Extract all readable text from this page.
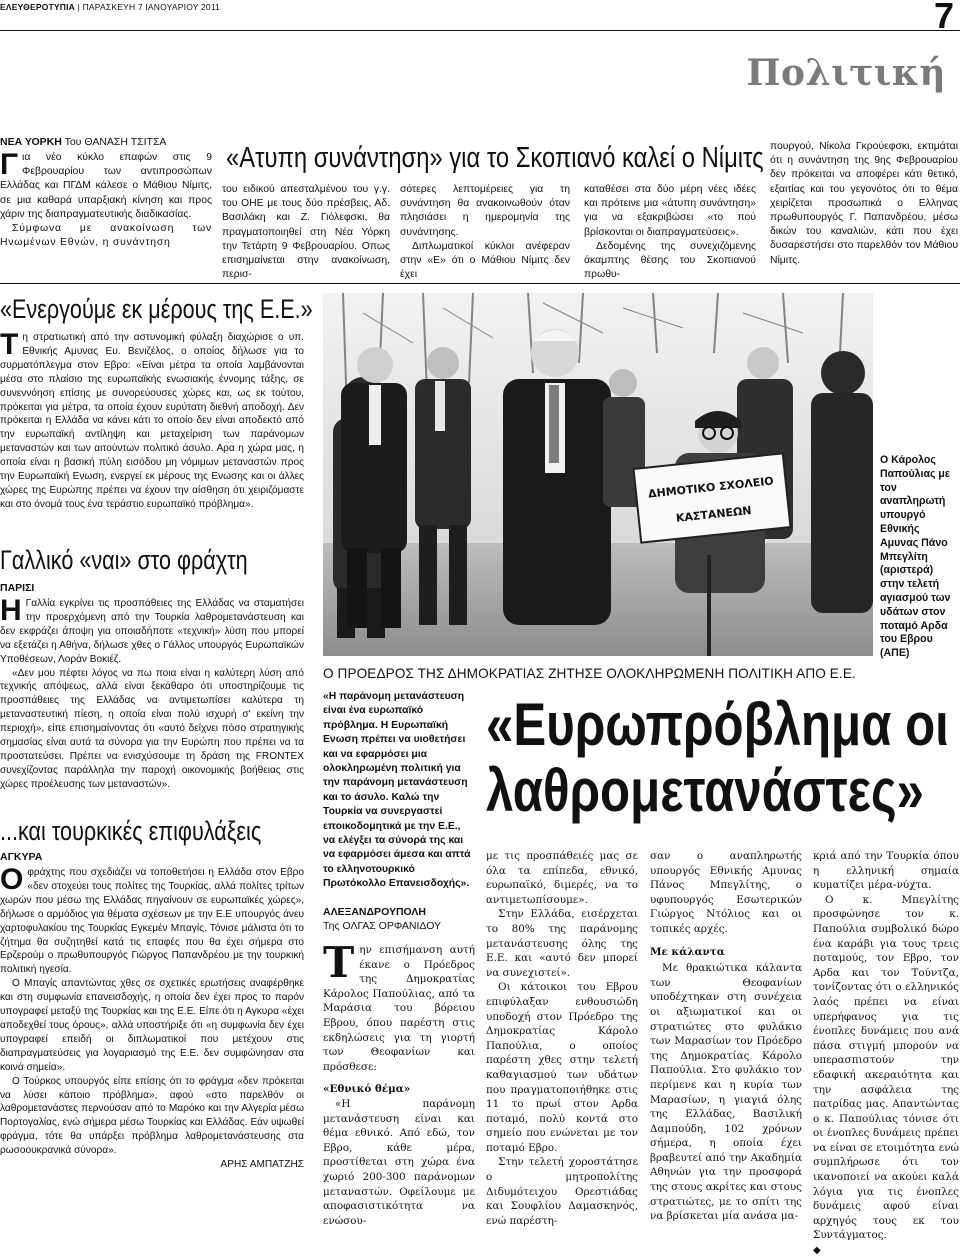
ΕΛΕΥΘΕΡΟΤΥΠΙΑ | ΠΑΡΑΣΚΕΥΗ 7 ΙΑΝΟΥΑΡΙΟΥ 2011	7
Πολιτική
ΝΕΑ ΥΟΡΚΗ Του ΘΑΝΑΣΗ ΤΣΙΤΣΑ
Για νέο κύκλο επαφών στις 9 Φεβρουαρίου των αντιπροσώπων Ελλάδας και ΠΓΔΜ κάλεσε ο Μάθιου Νίμιτς, σε μια καθαρά υπαρξιακή κίνηση και προς χάριν της διαπραγματευτικής διαδικασίας.

Σύμφωνα με ανακοίνωση των Ηνωμένων Εθνών, η συνάντηση

«Ατυπη συνάντηση» για το Σκοπιανό καλεί ο Νίμιτς
του ειδικού απεσταλμένου του γ.γ. του ΟΗΕ με τους δύο πρέσβεις, Αδ. Βασιλάκη και Ζ. Γιόλεφσκι, θα πραγματοποιηθεί στη Νέα Υόρκη την Τετάρτη 9 Φεβρουαρίου. Οπως επισημαίνεται στην ανακοίνωση, περισ-

σότερες λεπτομέρειες για τη συνάντηση θα ανακοινωθούν όταν πλησιάσει η ημερομηνία της συνάντησης.

Διπλωματικοί κύκλοι ανέφεραν στην «Ε» ότι ο Μάθιου Νίμιτς δεν έχει

καταθέσει στα δύο μέρη νέες ιδέες και πρότεινε μια «άτυπη συνάντηση» για να εξακριβώσει «το πού βρίσκονται οι διαπραγματεύσεις».

Δεδομένης της συνεχιζόμενης άκαμπτης θέσης του Σκοπιανού πρωθυ-

πουργού, Νίκολα Γκρούεφσκι, εκτιμάται ότι η συνάντηση της 9ης Φεβρουαρίου δεν πρόκειται να αποφέρει κάτι θετικό, εξαιτίας και του γεγονότος ότι το θέμα χειρίζεται προσωπικά ο Ελληνας πρωθυπουργός Γ. Παπανδρέου, μέσω δικών του καναλιών, κάτι που έχει δυσαρεστήσει στο παρελθόν τον Μάθιου Νίμιτς.
«Ενεργούμε εκ μέρους της Ε.Ε.»
Τη στρατιωτική από την αστυνομική φύλαξη διαχώρισε ο υπ. Εθνικής Αμυνας Ευ. Βενιζέλος, ο οποίος δήλωσε για το συρματόπλεγμα στον Εβρο: «Είναι μέτρα τα οποία λαμβάνονται μέσα στο πλαίσιο της ευρωπαϊκής ενωσιακής έννομης τάξης, σε συνεννόηση επίσης με συνορεύουσες χώρες και, ως εκ τούτου, πρόκειται για μέτρα, τα οποία έχουν ευρύτατη διεθνή αποδοχή. Δεν πρόκειται η Ελλάδα να κάνει κάτι το οποίο δεν είναι αποδεκτό από την ευρωπαϊκή αντίληψη και μεταχείριση των παράνομων μεταναστών και των αιτούντων πολιτικό άσυλο. Αρα η χώρα μας, η οποία είναι η βασική πύλη εισόδου μη νόμιμων μεταναστών προς την Ευρωπαϊκή Ενωση, ενεργεί εκ μέρους της Ενωσης και οι άλλες χώρες της Ευρώπης πρέπει να έχουν την αίσθηση ότι χειριζόμαστε και στο όνομά τους ένα τεράστιο ευρωπαϊκό πρόβλημα».
Γαλλικό «ναι» στο φράχτη
ΠΑΡΙΣΙ
Η Γαλλία εγκρίνει τις προσπάθειες της Ελλάδας να σταματήσει την προερχόμενη από την Τουρκία λαθρομετανάστευση και δεν εκφράζει άποψη για οποιαδήποτε «τεχνική» λύση που μπορεί να εξετάζει η Αθήνα, δήλωσε χθες ο Γάλλος υπουργός Ευρωπαϊκών Υποθέσεων, Λοράν Βοκιέζ.

«Δεν μου πέφτει λόγος να πω ποια είναι η καλύτερη λύση από τεχνικής απόψεως, αλλά είναι ξεκάθαρο ότι υποστηρίζουμε τις προσπάθειες της Ελλάδας να αντιμετωπίσει καλύτερα τη μεταναστευτική πίεση, η οποία είναι πολύ ισχυρή σ' εκείνη την περιοχή», είπε επισημαίνοντας ότι «αυτό δείχνει πόσο στρατηγικής σημασίας είναι αυτά τα σύνορα για την Ευρώπη που πρέπει να τα προστατεύσει. Πρέπει να ενισχύσουμε τη δράση της FRONTEX συνεχίζοντας παράλληλα την παροχή οικονομικής βοήθειας στις χώρες προέλευσης των μεταναστών».

...και τουρκικές επιφυλάξεις
ΑΓΚΥΡΑ
Οφράχτης που σχεδιάζει να τοποθετήσει η Ελλάδα στον Εβρο «δεν στοχεύει τους πολίτες της Τουρκίας, αλλά πολίτες τρίτων χωρών που μέσω της Ελλάδας πηγαίνουν σε ευρωπαϊκές χώρες», δήλωσε ο αρμόδιος για θέματα σχέσεων με την Ε.Ε υπουργός άνευ χαρτοφυλακίου της Τουρκίας Εγκεμέν Μπαγίς. Τόνισε μάλιστα ότι το ζήτημα θα συζητηθεί κατά τις επαφές που θα έχει σήμερα στο Ερζερούμ ο πρωθυπουργός Γιώργος Παπανδρέου με την τουρκική πολιτική ηγεσία.

Ο Μπαγίς απαντώντας χθες σε σχετικές ερωτήσεις αναφέρθηκε και στη συμφωνία επανεισδοχής, η οποία δεν έχει προς το παρόν υπογραφεί μεταξύ της Τουρκίας και της Ε.Ε. Είπε ότι η Αγκυρα «έχει αποδεχθεί τους όρους», αλλά υποστήριξε ότι «η συμφωνία δεν έχει υπογραφεί επειδή οι διπλωματικοί που μετέχουν στις διαπραγματεύσεις για λογαριασμό της Ε.Ε. δεν συμφώνησαν στα κοινά σημεία».

Ο Τούρκος υπουργός είπε επίσης ότι το φράγμα «δεν πρόκειται να λύσει κάποιο πρόβλημα», αφού «στο παρελθόν οι λαθρομετανάστες περνούσαν από το Μαρόκο και την Αλγερία μέσω Πορτογαλίας, ενώ σήμερα μέσω Τουρκίας και Ελλάδας. Εάν υψωθεί φράγμα, τότε θα υπάρξει πρόβλημα λαθρομετανάστευσης στα ρωσοουκρανικά σύνορα».

ΑΡΗΣ ΑΜΠΑΤΖΗΣ

ΔΗΜΟΤΙΚΟ ΣΧΟΛΕΙΟ
ΚΑΣΤΑΝΕΩΝ
Ο Κάρολος Παπούλιας με τον αναπληρωτή υπουργό Εθνικής Αμυνας Πάνο Μπεγλίτη (αριστερά) στην τελετή αγιασμού των υδάτων στον ποταμό Αρδα του Εβρου (ΑΠΕ)
Ο ΠΡΟΕΔΡΟΣ ΤΗΣ ΔΗΜΟΚΡΑΤΙΑΣ ΖΗΤΗΣΕ ΟΛΟΚΛΗΡΩΜΕΝΗ ΠΟΛΙΤΙΚΗ ΑΠΟ Ε.Ε.
«Ευρωπρόβλημα οι
λαθρομετανάστες»
«Η παράνομη μετανάστευση είναι ένα ευρωπαϊκό πρόβλημα. Η Ευρωπαϊκή Ενωση πρέπει να υιοθετήσει και να εφαρμόσει μια ολοκληρωμένη πολιτική για την παράνομη μετανάστευση και το άσυλο. Καλώ την Τουρκία να συνεργαστεί εποικοδομητικά με την Ε.Ε., να ελέγξει τα σύνορά της και να εφαρμόσει άμεσα και απτά το ελληνοτουρκικό Πρωτόκολλο Επανεισδοχής».
ΑΛΕΞΑΝΔΡΟΥΠΟΛΗ
Της ΟΛΓΑΣ ΟΡΦΑΝΙΔΟΥ
Την επισήμανση αυτή έκανε ο Πρόεδρος της Δημοκρατίας Κάρολος Παπούλιας, από τα Μαράσια του βόρειου Εβρου, όπου παρέστη στις εκδηλώσεις για τη γιορτή των Θεοφανίων και πρόσθεσε:

«Εθνικό θέμα»

«Η παράνομη μετανάστευση είναι και θέμα εθνικό. Από εδώ, τον Εβρο, κάθε μέρα, προστίθεται στη χώρα ένα χωριό 200-300 παράνομων μεταναστών. Οφείλουμε με αποφασιστικότητα να ενώσου-

με τις προσπάθειές μας σε όλα τα επίπεδα, εθνικό, ευρωπαϊκό, διμερές, να το αντιμετωπίσουμε».

Στην Ελλάδα, εισέρχεται το 80% της παράνομης μετανάστευσης όλης της Ε.Ε. και «αυτό δεν μπορεί να συνεχιστεί».

Οι κάτοικοι του Εβρου επιφύλαξαν ενθουσιώδη υποδοχή στον Πρόεδρο της Δημοκρατίας Κάρολο Παπούλια, ο οποίος παρέστη χθες στην τελετή καθαγιασμού των υδάτων που πραγματοποιήθηκε στις 11 το πρωί στον Αρδα ποταμό, πολύ κοντά στο σημείο που ενώνεται με τον ποταμό Εβρο.

Στην τελετή χοροστάτησε ο μητροπολίτης Διδυμότειχου Ορεστιάδας και Σουφλίου Δαμασκηνός, ενώ παρέστη-

σαν ο αναπληρωτής υπουργός Εθνικής Αμυνας Πάνος Μπεγλίτης, ο υφυπουργός Εσωτερικών Γιώργος Ντόλιος και οι τοπικές αρχές.

Με κάλαντα

Με θρακιώτικα κάλαντα των Θεοφανίων υποδέχτηκαν στη συνέχεια οι αξιωματικοί και οι στρατιώτες στο φυλάκιο των Μαρασίων τον Πρόεδρο της Δημοκρατίας Κάρολο Παπούλια. Στο φυλάκιο τον περίμενε και η κυρία των Μαρασίων, η γιαγιά όλης της Ελλάδας, Βασιλική Δαμπούδη, 102 χρόνων σήμερα, η οποία έχει βραβευτεί από την Ακαδημία Αθηνών για την προσφορά της στους ακρίτες και στους στρατιώτες, με το σπίτι της να βρίσκεται μία ανάσα μα-

κριά από την Τουρκία όπου η ελληνική σημαία κυματίζει μέρα-νύχτα.

Ο κ. Μπεγλίτης προσφώνησε τον κ. Παπούλια συμβολικό δώρο ένα καράβι για τους τρεις ποταμούς, τον Εβρο, τον Αρδα και τον Τούντζα, τονίζοντας ότι ο ελληνικός λαός πρέπει να είναι υπερήφανος για τις ένοπλες δυνάμεις που ανά πάσα στιγμή μπορούν να υπερασπιστούν την εδαφική ακεραιότητα και την ασφάλεια της πατρίδας μας. Απαντώντας ο κ. Παπούλιας τόνισε ότι οι ένοπλες δυνάμεις πρέπει να είναι σε ετοιμότητα ενώ συμπλήρωσε ότι τον ικανοποιεί να ακούει καλά λόγια για τις ένοπλες δυνάμεις αφού είναι αρχηγός τους εκ του Συντάγματος.

◆
